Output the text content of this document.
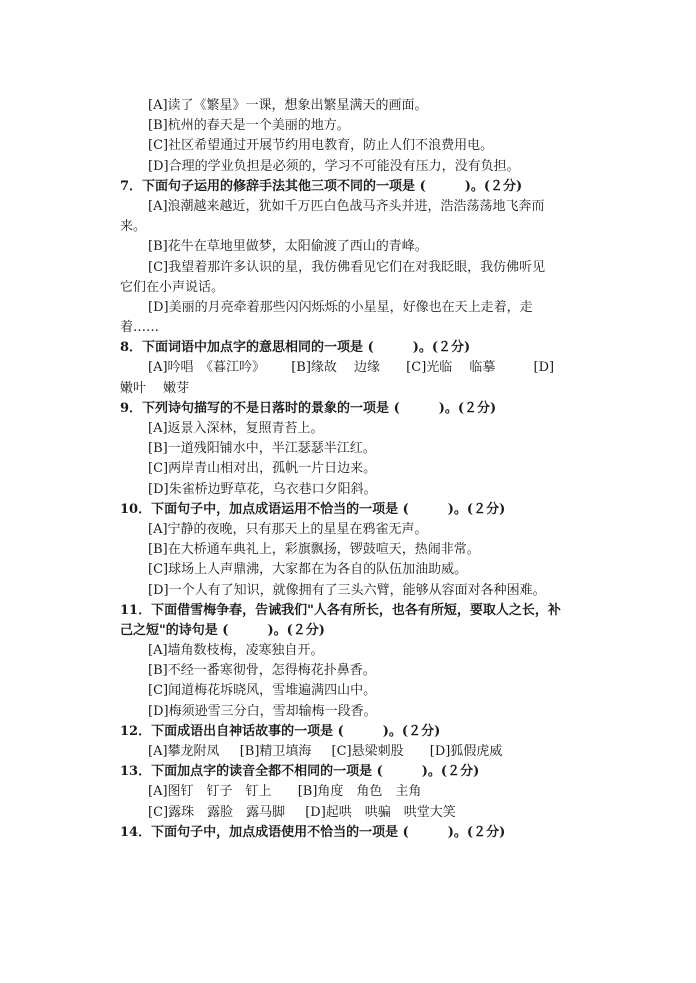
[A]读了《繁星》一课，想象出繁星满天的画面。
[B]杭州的春天是一个美丽的地方。
[C]社区希望通过开展节约用电教育，防止人们不浪费用电。
[D]合理的学业负担是必须的，学习不可能没有压力，没有负担。
7．下面句子运用的修辞手法其他三项不同的一项是 (　　　)。(２分)
[A]浪潮越来越近，犹如千万匹白色战马齐头并进，浩浩荡荡地飞奔而
来。
[B]花牛在草地里做梦，太阳偷渡了西山的青峰。
[C]我望着那许多认识的星，我仿佛看见它们在对我眨眼，我仿佛听见
它们在小声说话。
[D]美丽的月亮牵着那些闪闪烁烁的小星星，好像也在天上走着，走
着……
8．下面词语中加点字的意思相同的一项是 (　　　)。(２分)
[A]吟唱　《暮江吟》 [B]缘故　 边缘 [C]光临　 临摹	[D]
嫩叶　 嫩芽
9．下列诗句描写的不是日落时的景象的一项是 (　　　)。(２分)
[A]返景入深林，复照青苔上。
[B]一道残阳铺水中，半江瑟瑟半江红。
[C]两岸青山相对出，孤帆一片日边来。
[D]朱雀桥边野草花，乌衣巷口夕阳斜。
10．下面句子中，加点成语运用不恰当的一项是 (　　　)。(２分)
[A]宁静的夜晚，只有那天上的星星在鸦雀无声。
[B]在大桥通车典礼上，彩旗飘扬，锣鼓喧天，热闹非常。
[C]球场上人声鼎沸，大家都在为各自的队伍加油助威。
[D]一个人有了知识，就像拥有了三头六臂，能够从容面对各种困难。
11．下面借雪梅争春，告诫我们"人各有所长，也各有所短，要取人之长，补
己之短"的诗句是 (　　　)。(２分)
[A]墙角数枝梅，凌寒独自开。
[B]不经一番寒彻骨，怎得梅花扑鼻香。
[C]闻道梅花坼晓风，雪堆遍满四山中。
[D]梅须逊雪三分白，雪却输梅一段香。
12．下面成语出自神话故事的一项是 (　　　)。(２分)
[A]攀龙附凤 [B]精卫填海 [C]悬梁刺股 [D]狐假虎威
13．下面加点字的读音全都不相同的一项是 (　　　)。(２分)
[A]图钉　钉子　钉上 [B]角度　角色　主角
[C]露珠　露脸　露马脚 [D]起哄　哄骗　哄堂大笑
14．下面句子中，加点成语使用不恰当的一项是 (　　　)。(２分)
